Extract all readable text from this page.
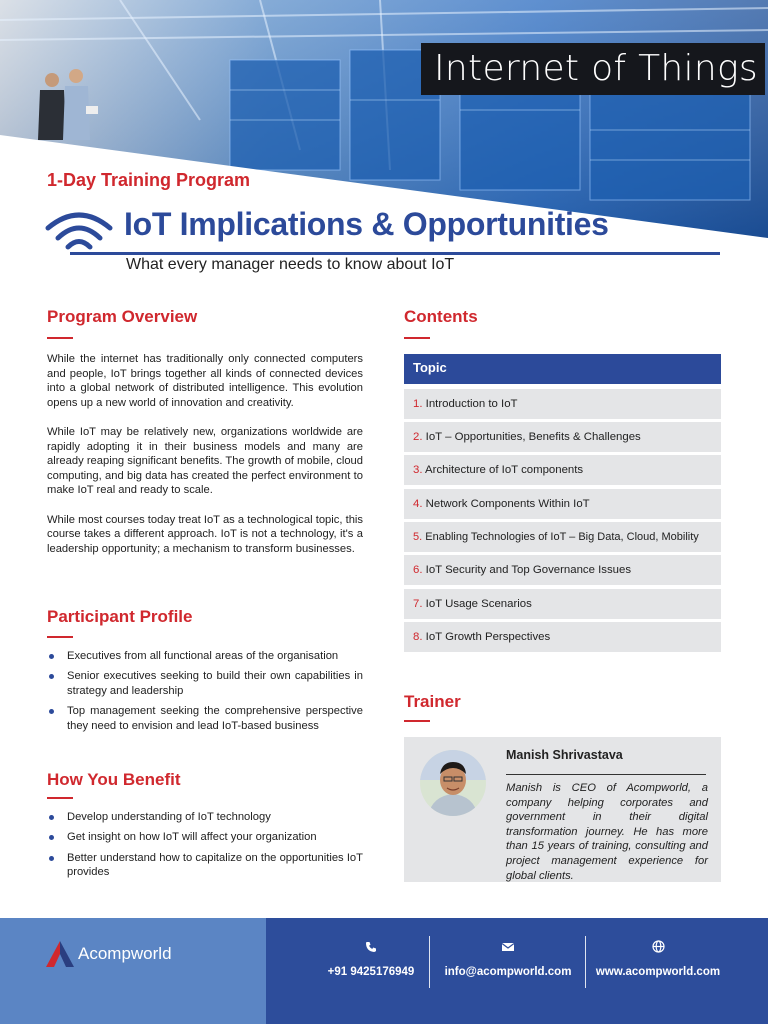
Internet of Things
1-Day Training Program
IoT Implications & Opportunities
What every manager needs to know about IoT
Program Overview

While the internet has traditionally only connected computers and people, IoT brings together all kinds of connected devices into a global network of distributed intelligence. This evolution opens up a new world of innovation and creativity.

While IoT may be relatively new, organizations worldwide are rapidly adopting it in their business models and many are already reaping significant benefits. The growth of mobile, cloud computing, and big data has created the perfect environment to make IoT real and ready to scale.

While most courses today treat IoT as a technological topic, this course takes a different approach. IoT is not a technology, it's a leadership opportunity; a mechanism to transform businesses.

Participant Profile
Executives from all functional areas of the organisation
Senior executives seeking to build their own capabilities in strategy and leadership
Top management seeking the comprehensive perspective they need to envision and lead IoT-based business
How You Benefit
Develop understanding of IoT technology
Get insight on how IoT will affect your organization
Better understand how to capitalize on the opportunities IoT provides
Contents
Topic
1. Introduction to IoT
2. IoT – Opportunities, Benefits & Challenges
3. Architecture of IoT components
4. Network Components Within IoT
5. Enabling Technologies of IoT – Big Data, Cloud, Mobility
6. IoT Security and Top Governance Issues
7. IoT Usage Scenarios
8. IoT Growth Perspectives
Trainer
Manish Shrivastava
Manish is CEO of Acompworld, a company helping corporates and government in their digital transformation journey. He has more than 15 years of training, consulting and project management experience for global clients.
Acompworld
+91 9425176949	info@acompworld.com	www.acompworld.com
